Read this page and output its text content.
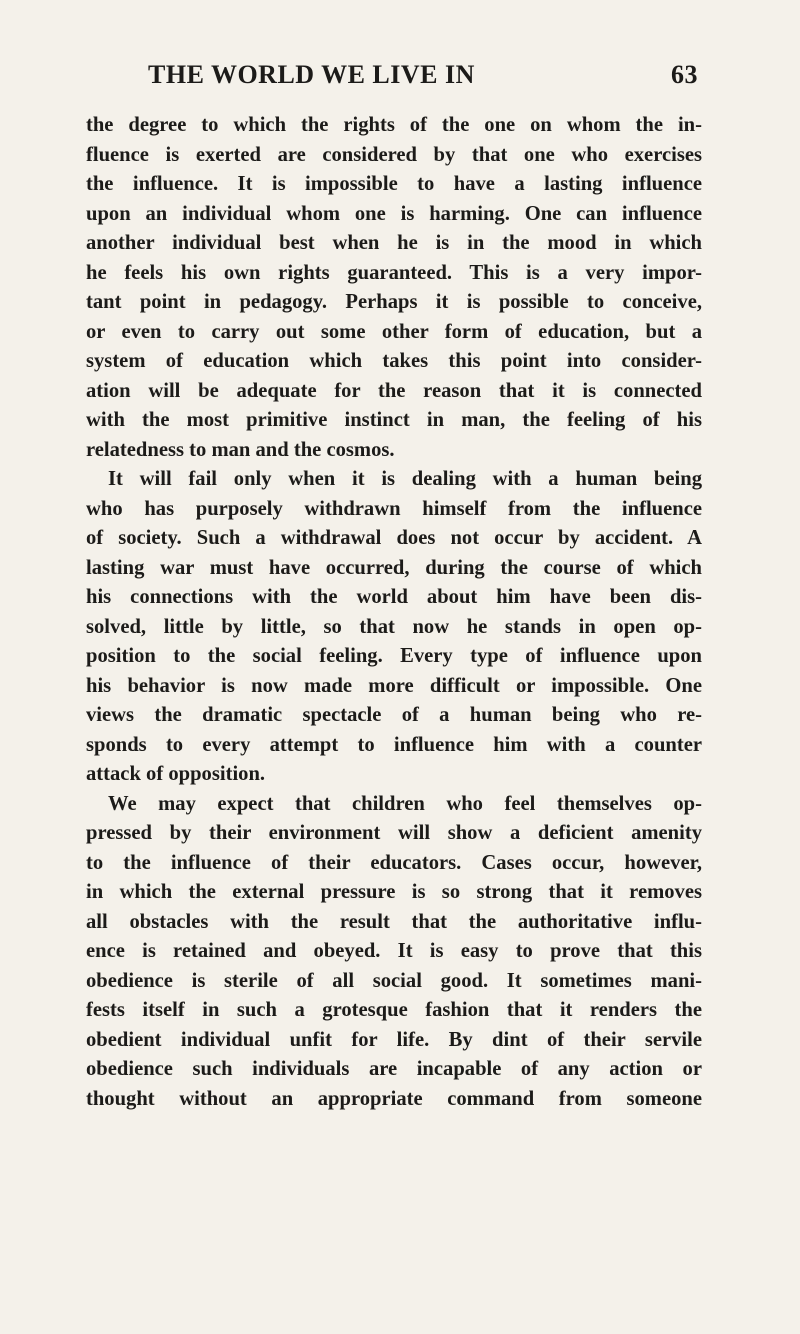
THE WORLD WE LIVE IN	63
the degree to which the rights of the one on whom the in-
fluence is exerted are considered by that one who exercises
the influence. It is impossible to have a lasting influence
upon an individual whom one is harming. One can influence
another individual best when he is in the mood in which
he feels his own rights guaranteed. This is a very impor-
tant point in pedagogy. Perhaps it is possible to conceive,
or even to carry out some other form of education, but a
system of education which takes this point into consider-
ation will be adequate for the reason that it is connected
with the most primitive instinct in man, the feeling of his
relatedness to man and the cosmos.
It will fail only when it is dealing with a human being
who has purposely withdrawn himself from the influence
of society. Such a withdrawal does not occur by accident. A
lasting war must have occurred, during the course of which
his connections with the world about him have been dis-
solved, little by little, so that now he stands in open op-
position to the social feeling. Every type of influence upon
his behavior is now made more difficult or impossible. One
views the dramatic spectacle of a human being who re-
sponds to every attempt to influence him with a counter
attack of opposition.
We may expect that children who feel themselves op-
pressed by their environment will show a deficient amenity
to the influence of their educators. Cases occur, however,
in which the external pressure is so strong that it removes
all obstacles with the result that the authoritative influ-
ence is retained and obeyed. It is easy to prove that this
obedience is sterile of all social good. It sometimes mani-
fests itself in such a grotesque fashion that it renders the
obedient individual unfit for life. By dint of their servile
obedience such individuals are incapable of any action or
thought without an appropriate command from someone
